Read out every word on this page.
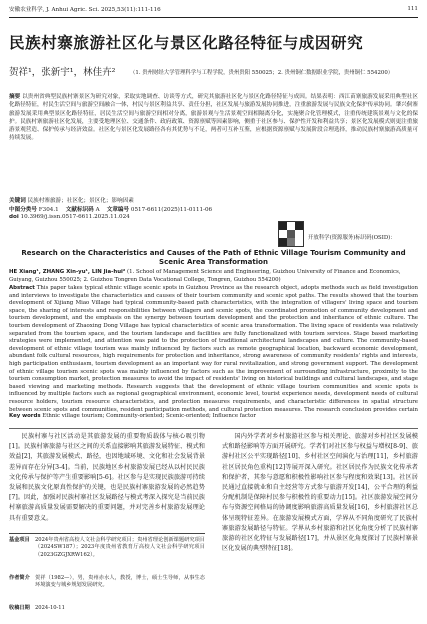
安徽农业科学, J. Anhui Agric. Sci. 2025,53(11):111-116	111
民族村寨旅游社区化与景区化路径特征与成因研究
贺祥¹，张新宇¹，林佳卉²	（1. 贵州财经大学管理科学与工程学院，贵州贵阳 550025；2. 贵州铜仁数据职业学院，贵州铜仁 554200）
摘要 以贵州省典型民族村寨景区为研究对象，采取实地调查、访谈等方式，研究其旅游社区化与景区化路径特征与成因。结果表明：西江苗寨旅游发展采用典型社区化路径特征，村民生活空间与旅游空间融合一体，村民与景区利益共享、责任分担，社区发展与旅游发展协同推进，注重旅游发展与民族文化保护传承协同。肇兴侗寨旅游发展采用典型景区化路径特征，居民生活空间与旅游空间相对分离，旅游景观与生活景观空间相隔离分化，实施聚合化管理模式，注重传统建筑景观与文化的保护。民族村寨旅游社区化发展，主要受地理区位、交通条件、政府政策、资源禀赋等因素影响，侧重于社区参与、保护性开发和利益共享；景区化发展模式则更注重旅游景观营造、保护传承与经济效益。社区化与景区化发展路径各有其优势与不足，两者可互补互鉴，应根据资源禀赋与发展阶段合理选择，推动民族村寨旅游高质量可持续发展。
关键词 民族村寨旅游；社区化；景区化；影响因素
中图分类号 F304.1 文献标识码 A 文章编号 0517-6611(2025)11-0111-06
doi 10.3969/j.issn.0517-6611.2025.11.024
开放科学(资源服务)标识码(OSID)：
Research on the Characteristics and Causes of the Path of Ethnic Village Tourism Community and Scenic Area Transformation
HE Xiang¹, ZHANG Xin-yu¹, LIN Jia-hui² (1. School of Management Science and Engineering, Guizhou University of Finance and Economics, Guiyang, Guizhou 550025; 2. Guizhou Tongren Data Vocational College, Tongren, Guizhou 554200)
Abstract This paper takes typical ethnic village scenic spots in Guizhou Province as the research object, adopts methods such as field investigation and interviews to investigate the characteristics and causes of their tourism community and scenic spot paths. The results showed that the tourism development of Xijiang Miao Village had typical community-based path characteristics, with the integration of villagers' living space and tourism space, the sharing of interests and responsibilities between villagers and scenic spots, the coordinated promotion of community development and tourism development, and the emphasis on the synergy between tourism development and the protection and inheritance of ethnic culture. The tourism development of Zhaoxing Dong Village has typical characteristics of scenic area transformation. The living space of residents was relatively separated from the tourism space, and the tourism landscape and facilities are fully functionalized with tourism services. Stage based marketing strategies were implemented, and attention was paid to the protection of traditional architectural landscapes and culture. The community-based development of ethnic village tourism was mainly influenced by factors such as remote geographical location, backward economic development, abundant folk cultural resources, high requirements for protection and inheritance, strong awareness of community residents' rights and interests, high participation enthusiasm, tourism development as an important way for rural revitalization, and strong government support. The development of ethnic village tourism scenic spots was mainly influenced by factors such as the improvement of surrounding infrastructure, proximity to the tourism consumption market, protection measures to avoid the impact of residents' living on historical buildings and cultural landscapes, and stage based viewing and marketing methods. Research suggests that the development of ethnic village tourism communities and scenic spots is influenced by multiple factors such as regional geographical environment, economic level, tourist experience needs, development needs of cultural resource holders, tourism resource characteristics, and protection measures requirements, and characteristic differences in spatial structure between scenic spots and communities, resident participation methods, and cultural protection measures. The research conclusion provides certain
Key words Ethnic village tourism; Community-oriented; Scenic-oriented; Influence factor
民族村寨与社区活动是其旅游发展的重要物质载体与核心吸引物[1]。民族村寨旅游与社区之间的关系直接影响其旅游发展特征、模式和效益[2]，其旅游发展模式、路径，也因地域环境、文化和社会发展背景差异而存在分异[3-4]。当前，民族地区乡村旅游发展已经从以村民民族文化传承与保护等产生重要影响[5-6]。社区参与是实现民族旅游可持续发展和民族文化原真性保护的关键，也是民族村寨旅游发展的必然趋势[7]。因此，加强对民族村寨社区发展路径与模式考深入探究是当前民族村寨旅游高质量发展需要解决的重要问题，并对完善乡村旅游发展理论具有重要意义。
国内外学者对乡村旅游社区参与相关理论、旅游对乡村社区发展模式和路径影响等方面开展研究。学者们对社区参与权益与增权[8-9]、旅游村社区公平实现路径[10]、乡村社区空间演化与治理[11]，乡村旅游社区居民角色重构[12]等展开深入研究。社区居民作为民族文化传承者和保护者，其参与意愿和积极性影响社区参与程度和效果[13]。社区居民通过直接就业和自主经营等方式参与旅游开发[14]，公平合理的利益分配机制是保障村民参与积极性的重要动力[15]。社区旅游发展空间分布与资源空间格局的协调度影响旅游高质量发展[16]，乡村旅游社区总体呈现特征差异。在旅游发展模式方面，学界从不同角度研究了民族村寨旅游发展路径与特征。学界从乡村旅游和社区化角度分析了民族村寨旅游的社区化特征与发展路径[17]，并从景区化角度探讨了民族村寨景区化发展的典型特征[18]。
基金项目	2024年贵州省高校人文社会科学研究项目；贵州省理论创新课题研究项目（2024SW187）；2023年度贵州省教育厅高校人文社会科学研究项目（2023GZGJXRW162）。
作者简介	贺祥（1982—），男，贵州赤水人，教授，博士，硕士生导师，从事生态环境演变与城乡规划发展研究。
收稿日期	2024-10-11
